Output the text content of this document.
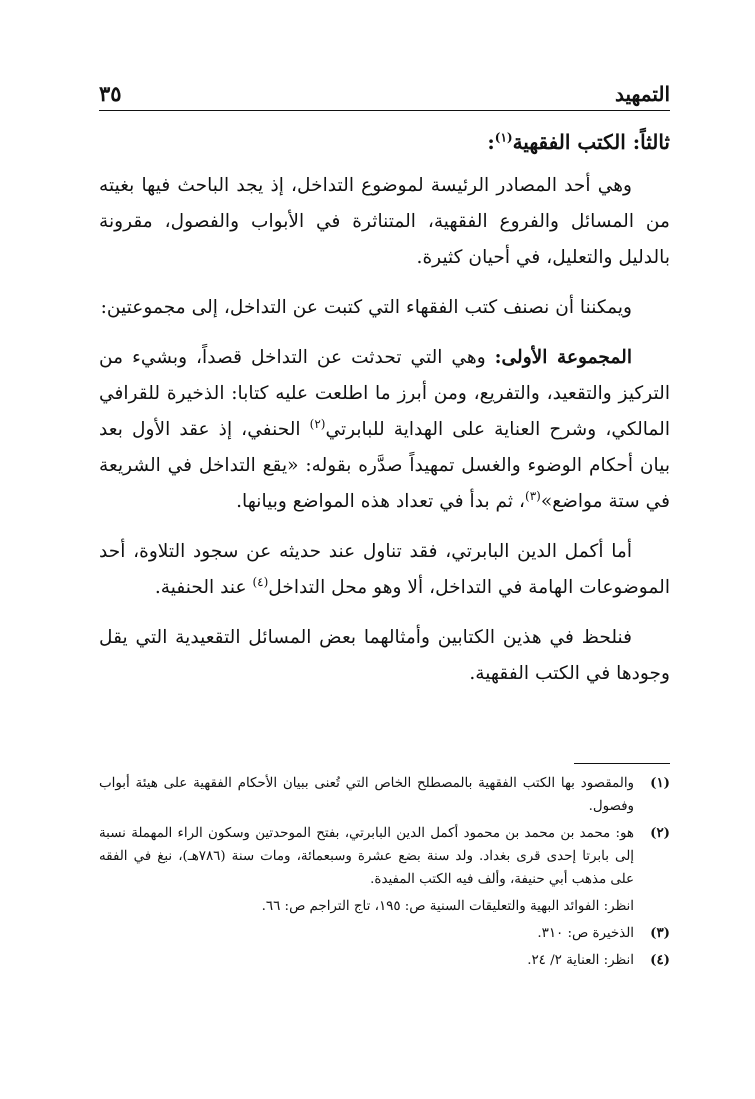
التمهيد
٣٥
ثالثاً: الكتب الفقهية$^{(١)}$:

وهي أحد المصادر الرئيسة لموضوع التداخل، إذ يجد الباحث فيها بغيته من المسائل والفروع الفقهية، المتناثرة في الأبواب والفصول، مقرونة بالدليل والتعليل، في أحيان كثيرة.

ويمكننا أن نصنف كتب الفقهاء التي كتبت عن التداخل، إلى مجموعتين:

المجموعة الأولى: وهي التي تحدثت عن التداخل قصداً، وبشيء من التركيز والتقعيد، والتفريع، ومن أبرز ما اطلعت عليه كتابا: الذخيرة للقرافي المالكي، وشرح العناية على الهداية للبابرتي$^{(٢)}$ الحنفي، إذ عقد الأول بعد بيان أحكام الوضوء والغسل تمهيداً صدَّره بقوله: «يقع التداخل في الشريعة في ستة مواضع»$^{(٣)}$، ثم بدأ في تعداد هذه المواضع وبيانها.

أما أكمل الدين البابرتي، فقد تناول عند حديثه عن سجود التلاوة، أحد الموضوعات الهامة في التداخل، ألا وهو محل التداخل$^{(٤)}$ عند الحنفية.

فنلحظ في هذين الكتابين وأمثالهما بعض المسائل التقعيدية التي يقل وجودها في الكتب الفقهية.

(١)
والمقصود بها الكتب الفقهية بالمصطلح الخاص التي تُعنى ببيان الأحكام الفقهية على هيئة أبواب وفصول.
(٢)
هو: محمد بن محمد بن محمود أكمل الدين البابرتي، بفتح الموحدتين وسكون الراء المهملة نسبة إلى بابرتا إحدى قرى بغداد. ولد سنة بضع عشرة وسبعمائة، ومات سنة (٧٨٦هـ)، نبغ في الفقه على مذهب أبي حنيفة، وألف فيه الكتب المفيدة.
انظر: الفوائد البهية والتعليقات السنية ص: ١٩٥، تاج التراجم ص: ٦٦.
(٣)
الذخيرة ص: ٣١٠.
(٤)
انظر: العناية ٢/ ٢٤.
